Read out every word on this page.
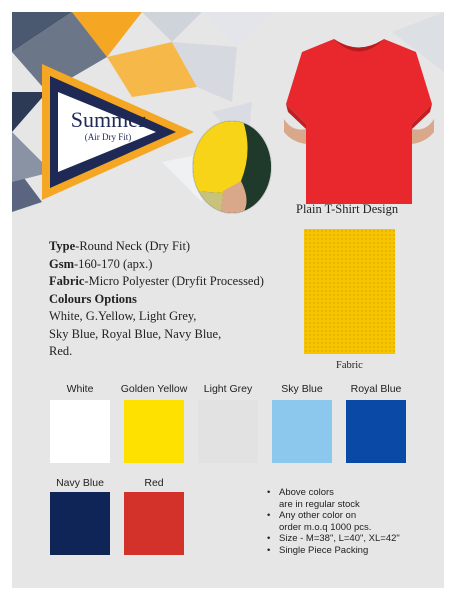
Summer
(Air Dry Fit)
Plain T-Shirt Design
Type-Round Neck (Dry Fit)
Gsm-160-170 (apx.)
Fabric-Micro Polyester (Dryfit Processed)
Colours Options
White, G.Yellow, Light Grey,
Sky Blue, Royal Blue, Navy Blue,
Red.
Fabric
White	Golden Yellow	Light Grey	Sky Blue	Royal Blue
Navy Blue	Red
• Above colors
are in regular stock
• Any other color on
order m.o.q 1000 pcs.
• Size - M=38", L=40", XL=42"
• Single Piece Packing
